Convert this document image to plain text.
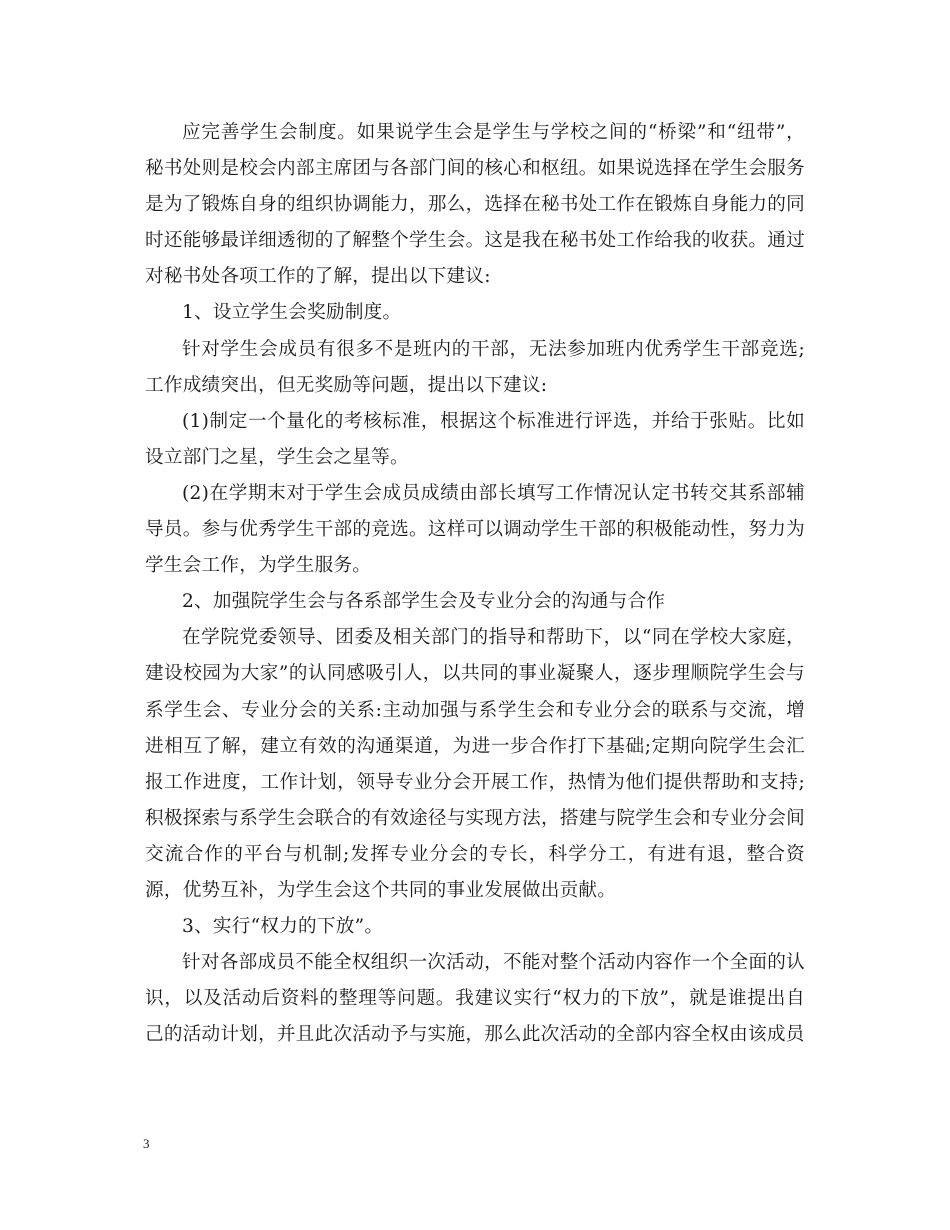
应完善学生会制度。如果说学生会是学生与学校之间的“桥梁”和“纽带”，秘书处则是校会内部主席团与各部门间的核心和枢纽。如果说选择在学生会服务是为了锻炼自身的组织协调能力，那么，选择在秘书处工作在锻炼自身能力的同时还能够最详细透彻的了解整个学生会。这是我在秘书处工作给我的收获。通过对秘书处各项工作的了解，提出以下建议:

1、设立学生会奖励制度。

针对学生会成员有很多不是班内的干部，无法参加班内优秀学生干部竞选;工作成绩突出，但无奖励等问题，提出以下建议:

(1)制定一个量化的考核标准，根据这个标准进行评选，并给于张贴。比如设立部门之星，学生会之星等。

(2)在学期末对于学生会成员成绩由部长填写工作情况认定书转交其系部辅导员。参与优秀学生干部的竞选。这样可以调动学生干部的积极能动性，努力为学生会工作，为学生服务。

2、加强院学生会与各系部学生会及专业分会的沟通与合作

在学院党委领导、团委及相关部门的指导和帮助下，以“同在学校大家庭，建设校园为大家”的认同感吸引人，以共同的事业凝聚人，逐步理顺院学生会与系学生会、专业分会的关系:主动加强与系学生会和专业分会的联系与交流，增进相互了解，建立有效的沟通渠道，为进一步合作打下基础;定期向院学生会汇报工作进度，工作计划，领导专业分会开展工作，热情为他们提供帮助和支持;积极探索与系学生会联合的有效途径与实现方法，搭建与院学生会和专业分会间交流合作的平台与机制;发挥专业分会的专长，科学分工，有进有退，整合资源，优势互补，为学生会这个共同的事业发展做出贡献。

3、实行“权力的下放”。

针对各部成员不能全权组织一次活动，不能对整个活动内容作一个全面的认识，以及活动后资料的整理等问题。我建议实行“权力的下放”，就是谁提出自己的活动计划，并且此次活动予与实施，那么此次活动的全部内容全权由该成员

3
